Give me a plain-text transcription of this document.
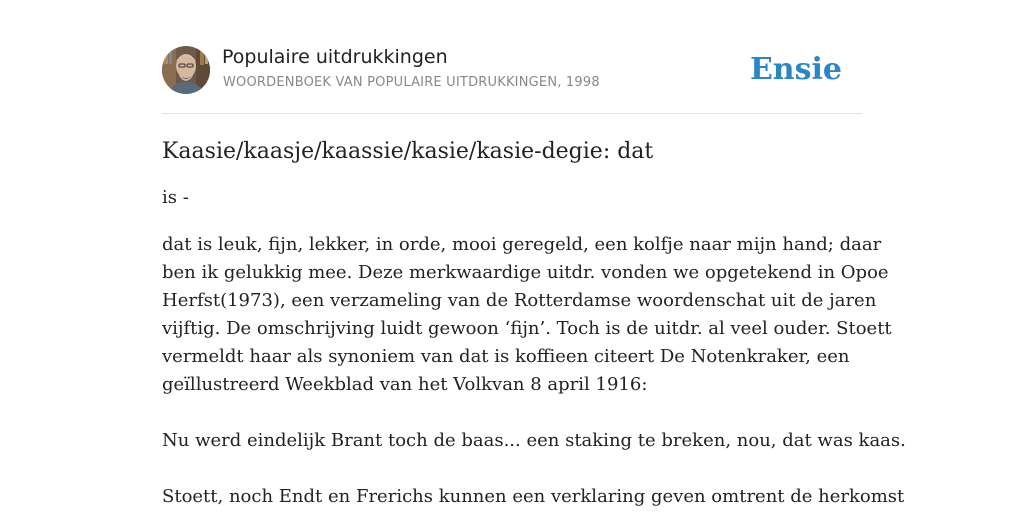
Populaire uitdrukkingen
WOORDENBOEK VAN POPULAIRE UITDRUKKINGEN, 1998	Ensie
Kaasie/kaasje/kaassie/kasie/kasie-degie: dat

is -

dat is leuk, fijn, lekker, in orde, mooi geregeld, een kolfje naar mijn hand; daar
ben ik gelukkig mee. Deze merkwaardige uitdr. vonden we opgetekend in Opoe
Herfst(1973), een verzameling van de Rotterdamse woordenschat uit de jaren
vijftig. De omschrijving luidt gewoon ‘fijn’. Toch is de uitdr. al veel ouder. Stoett
vermeldt haar als synoniem van dat is koffieen citeert De Notenkraker, een
geïllustreerd Weekblad van het Volkvan 8 april 1916:
Nu werd eindelijk Brant toch de baas... een staking te breken, nou, dat was kaas.
Stoett, noch Endt en Frerichs kunnen een verklaring geven omtrent de herkomst
